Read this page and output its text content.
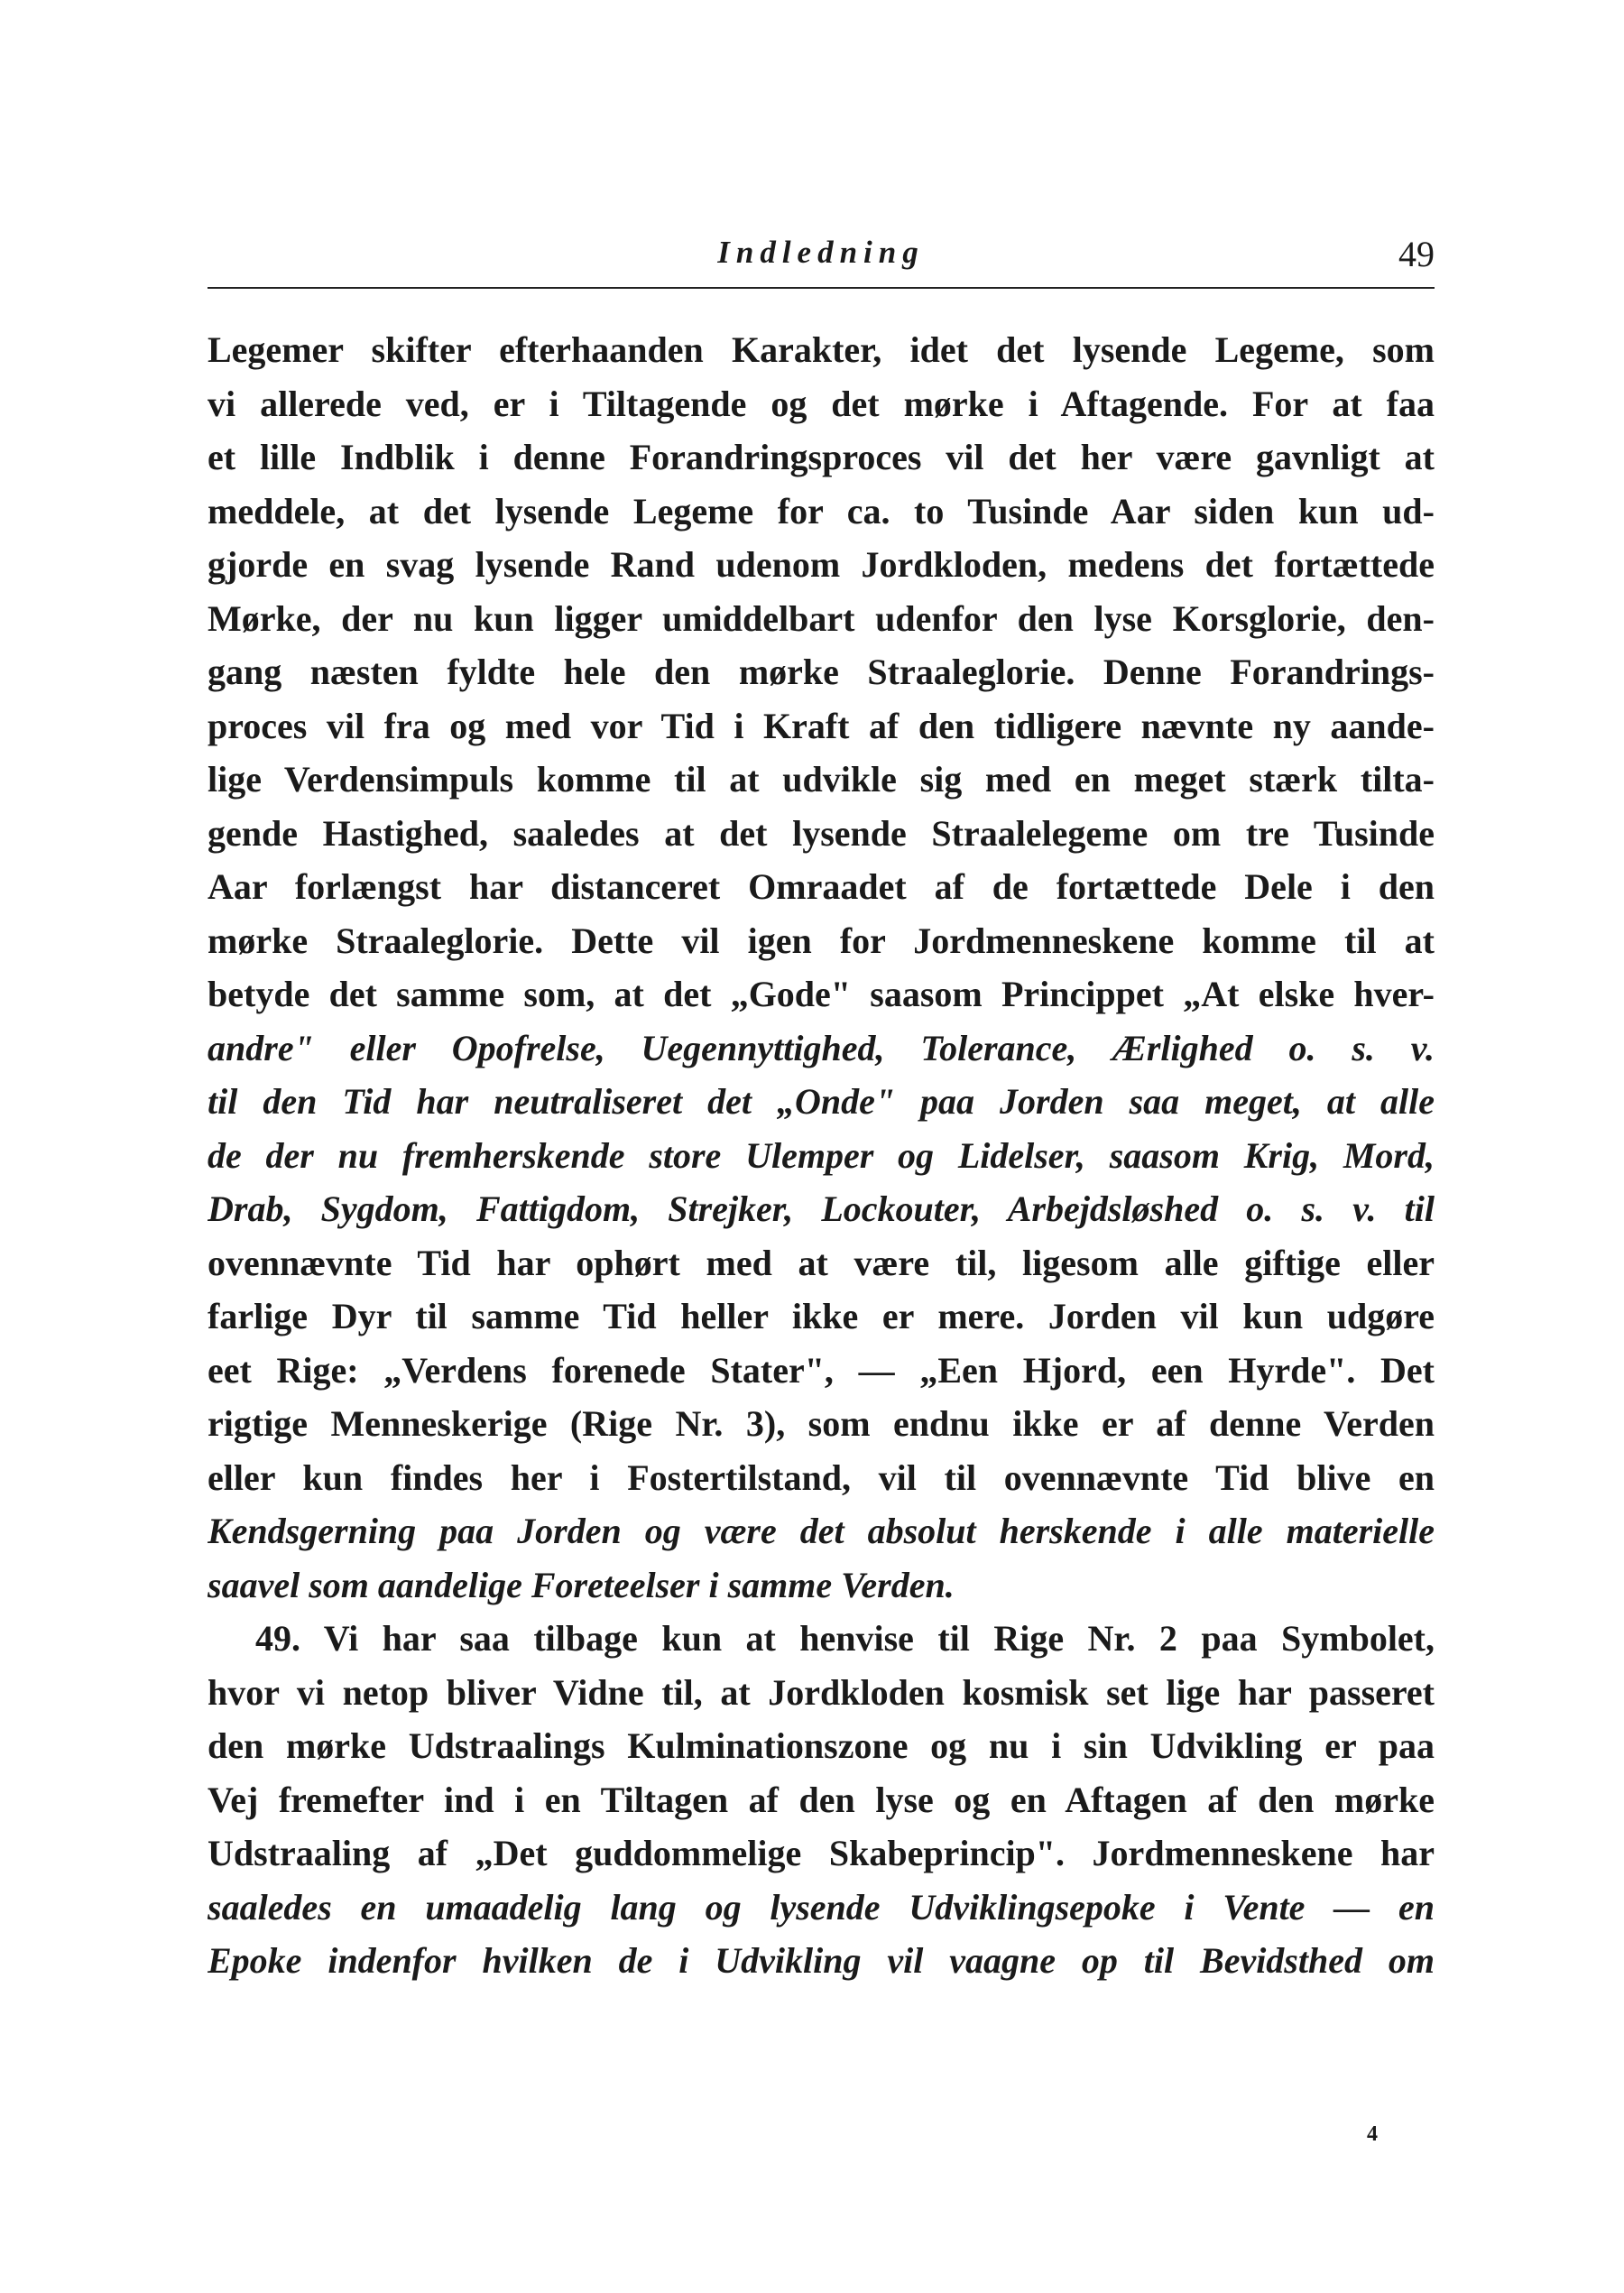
Indledning	49
Legemer skifter efterhaanden Karakter, idet det lysende Legeme, som
vi allerede ved, er i Tiltagende og det mørke i Aftagende. For at faa
et lille Indblik i denne Forandringsproces vil det her være gavnligt at
meddele, at det lysende Legeme for ca. to Tusinde Aar siden kun ud-
gjorde en svag lysende Rand udenom Jordkloden, medens det fortættede
Mørke, der nu kun ligger umiddelbart udenfor den lyse Korsglorie, den-
gang næsten fyldte hele den mørke Straaleglorie. Denne Forandrings-
proces vil fra og med vor Tid i Kraft af den tidligere nævnte ny aande-
lige Verdensimpuls komme til at udvikle sig med en meget stærk tilta-
gende Hastighed, saaledes at det lysende Straalelegeme om tre Tusinde
Aar forlængst har distanceret Omraadet af de fortættede Dele i den
mørke Straaleglorie. Dette vil igen for Jordmenneskene komme til at
betyde det samme som, at det „Gode" saasom Princippet „At elske hver-
andre" eller Opofrelse, Uegennyttighed, Tolerance, Ærlighed o. s. v.
til den Tid har neutraliseret det „Onde" paa Jorden saa meget, at alle
de der nu fremherskende store Ulemper og Lidelser, saasom Krig, Mord,
Drab, Sygdom, Fattigdom, Strejker, Lockouter, Arbejdsløshed o. s. v. til
ovennævnte Tid har ophørt med at være til, ligesom alle giftige eller
farlige Dyr til samme Tid heller ikke er mere. Jorden vil kun udgøre
eet Rige: „Verdens forenede Stater", — „Een Hjord, een Hyrde". Det
rigtige Menneskerige (Rige Nr. 3), som endnu ikke er af denne Verden
eller kun findes her i Fostertilstand, vil til ovennævnte Tid blive en
Kendsgerning paa Jorden og være det absolut herskende i alle materielle
saavel som aandelige Foreteelser i samme Verden.
49. Vi har saa tilbage kun at henvise til Rige Nr. 2 paa Symbolet,
hvor vi netop bliver Vidne til, at Jordkloden kosmisk set lige har passeret
den mørke Udstraalings Kulminationszone og nu i sin Udvikling er paa
Vej fremefter ind i en Tiltagen af den lyse og en Aftagen af den mørke
Udstraaling af „Det guddommelige Skabeprincip". Jordmenneskene har
saaledes en umaadelig lang og lysende Udviklingsepoke i Vente — en
Epoke indenfor hvilken de i Udvikling vil vaagne op til Bevidsthed om
4
